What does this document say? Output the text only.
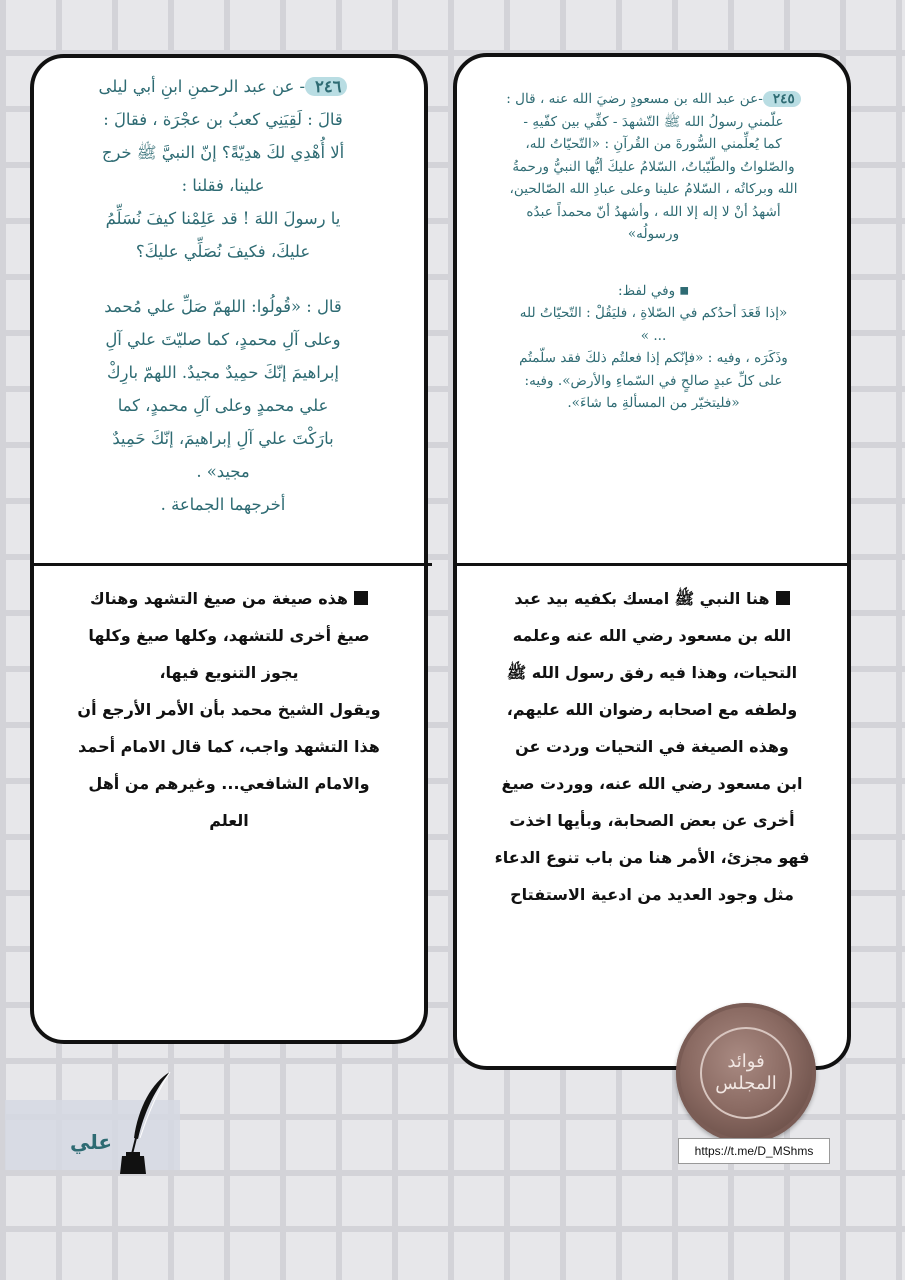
٢٤٦- عن عبد الرحمنِ ابنِ أبي ليلى
قالَ : لَقِيَنِي كعبُ بن عجْرَة ، فقالَ :
ألا أُهْدِي لكَ هدِيّةً؟ إنّ النبيَّ ﷺ خرج
علينا، فقلنا :
يا رسولَ اللهَ ! قد عَلِمْنا كيفَ نُسَلِّمُ
عليكَ، فكيفَ نُصَلِّي عليكَ؟
قال : «قُولُوا: اللهمّ صَلِّ علي مُحمد
وعلى آلِ محمدٍ، كما صليّتَ علي آلِ
إبراهيمَ إنّكَ حمِيدٌ مجيدٌ. اللهمّ بارِكْ
علي محمدٍ وعلى آلِ محمدٍ، كما
بارَكْتَ علي آلِ إبراهيمَ، إنّكَ حَمِيدٌ
مجيد» .
أخرجهما الجماعة .
٢٤٥-عن عبد الله بن مسعودٍ رضيَ الله عنه ، قال :
علّمني رسولُ الله ﷺ التّشهدَ - كفِّي بين كفّيهِ -
كما يُعلِّمني السُّورةَ من القُرآنِ : «التّحيّاتُ لله،
والصّلواتُ والطّيّباتُ، السّلامُ عليكَ أيُّها النبيُّ ورحمةُ
الله وبركاتُه ، السّلامُ علينا وعلى عبادِ الله الصّالحين،
أشهدُ أنْ لا إله إلا الله ، وأشهدُ أنّ محمداً عبدُه
ورسولُه»
■ وفي لفظ:
«إذا قَعَدَ أحدُكم في الصّلاةِ ، فليَقُلْ : التّحيّاتُ لله
... »
وذَكَرَه ، وفيه : «فإنّكم إذا فعلتُم ذلكَ فقد سلّمتُم
على كلِّ عبدٍ صالحٍ في السّماءِ والأرض». وفيه:
«فليتخيّر من المسألةِ ما شاءَ».
هذه صيغة من صيغ التشهد وهناك
صيغ أخرى للتشهد، وكلها صيغ وكلها
يجوز التنويع فيها،
ويقول الشيخ محمد بأن الأمر الأرجع أن
هذا التشهد واجب، كما قال الامام أحمد
والامام الشافعي... وغيرهم من أهل
العلم
هنا النبي ﷺ امسك بكفيه بيد عبد
الله بن مسعود رضي الله عنه وعلمه
التحيات، وهذا فيه رفق رسول الله ﷺ
ولطفه مع اصحابه رضوان الله عليهم،
وهذه الصيغة في التحيات وردت عن
ابن مسعود رضي الله عنه، ووردت صيغ
أخرى عن بعض الصحابة، وبأيها اخذت
فهو مجزئ، الأمر هنا من باب تنوع الدعاء
مثل وجود العديد من ادعية الاستفتاح
فوائد
المجلس
https://t.me/D_MShms
علي
